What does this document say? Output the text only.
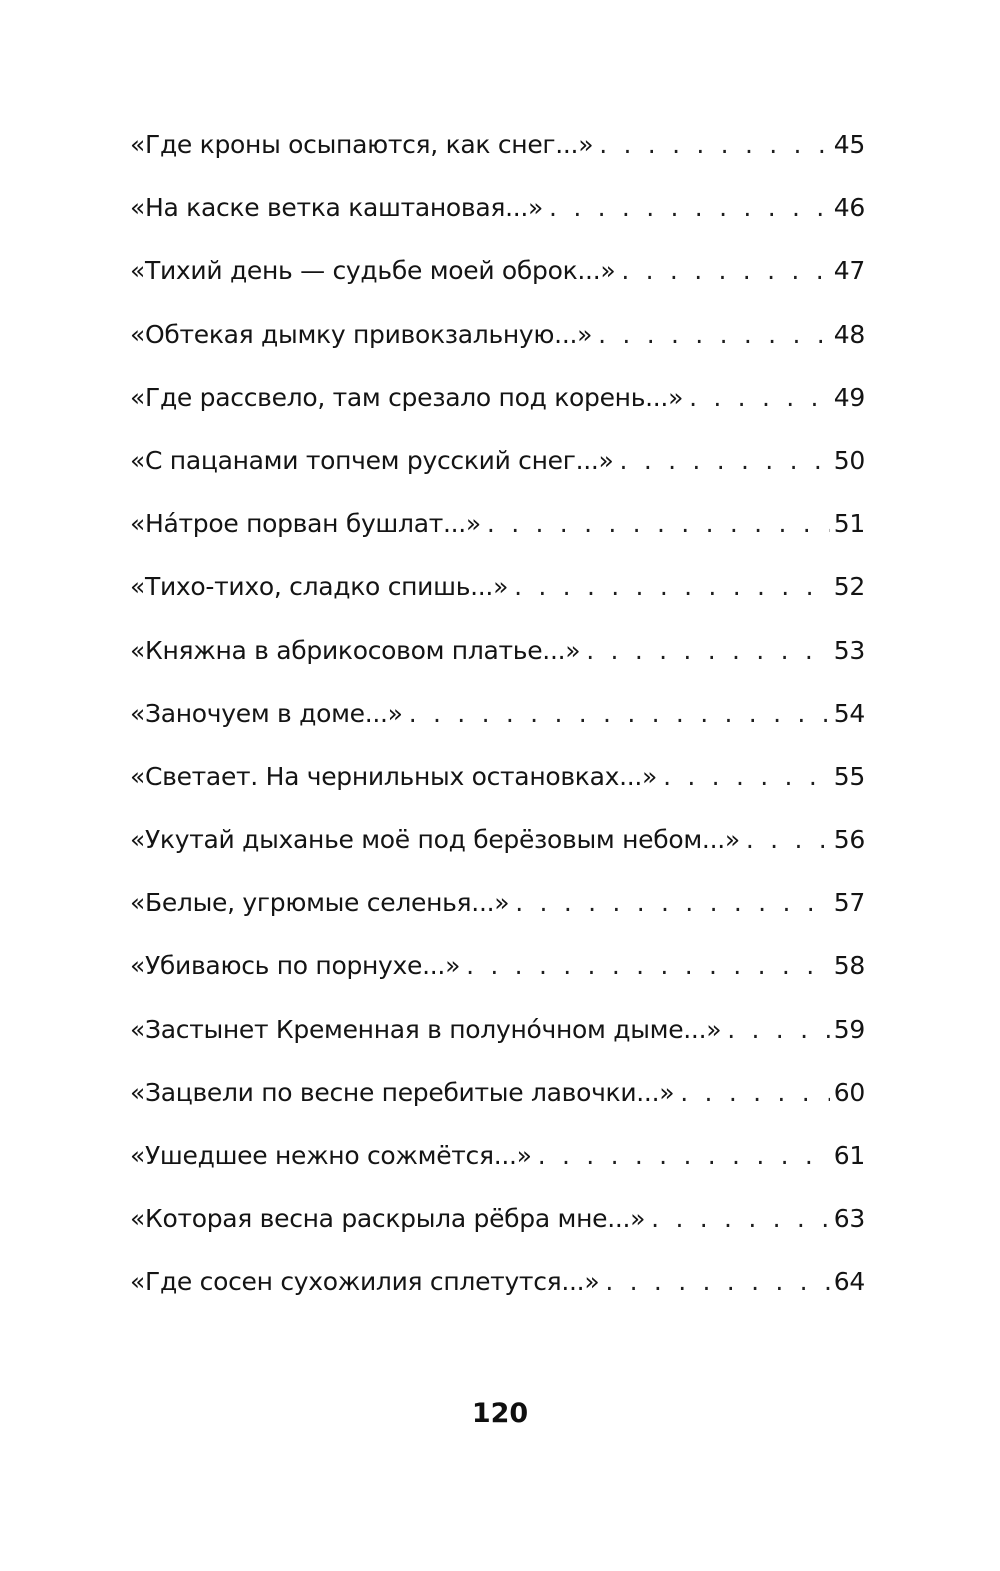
«Где кроны осыпаются, как снег...» . . .	45
«На каске ветка каштановая...» . . .	46
«Тихий день — судьбе моей оброк...» . . .	47
«Обтекая дымку привокзальную...» . . .	48
«Где рассвело, там срезало под корень...» . . .	49
«С пацанами топчем русский снег...» . . .	50
«На́трое порван бушлат...» . . .	51
«Тихо-тихо, сладко спишь...» . . .	52
«Княжна в абрикосовом платье...» . . .	53
«Заночуем в доме...» . . .	54
«Светает. На чернильных остановках...» . . .	55
«Укутай дыханье моё под берёзовым небом...» . . .	56
«Белые, угрюмые селенья...» . . .	57
«Убиваюсь по порнухе...» . . .	58
«Застынет Кременная в полуно́чном дыме...» . . .	59
«Зацвели по весне перебитые лавочки...» . . .	60
«Ушедшее нежно сожмётся...» . . .	61
«Которая весна раскрыла рёбра мне...» . . .	63
«Где сосен сухожилия сплетутся...» . . .	64
120
